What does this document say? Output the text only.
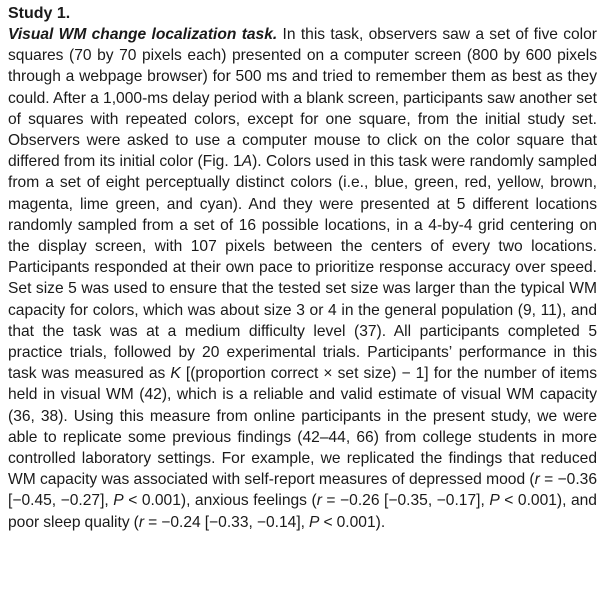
Study 1.

Visual WM change localization task. In this task, observers saw a set of five color squares (70 by 70 pixels each) presented on a computer screen (800 by 600 pixels through a webpage browser) for 500 ms and tried to remember them as best as they could. After a 1,000-ms delay period with a blank screen, participants saw another set of squares with repeated colors, except for one square, from the initial study set. Observers were asked to use a computer mouse to click on the color square that differed from its initial color (Fig. 1A). Colors used in this task were randomly sampled from a set of eight perceptually distinct colors (i.e., blue, green, red, yellow, brown, magenta, lime green, and cyan). And they were presented at 5 different locations randomly sampled from a set of 16 possible locations, in a 4-by-4 grid centering on the display screen, with 107 pixels between the centers of every two locations. Participants responded at their own pace to prioritize response accuracy over speed. Set size 5 was used to ensure that the tested set size was larger than the typical WM capacity for colors, which was about size 3 or 4 in the general population (9, 11), and that the task was at a medium difficulty level (37). All participants completed 5 practice trials, followed by 20 experimental trials. Participants’ performance in this task was measured as K [(proportion correct × set size) − 1] for the number of items held in visual WM (42), which is a reliable and valid estimate of visual WM capacity (36, 38). Using this measure from online participants in the present study, we were able to replicate some previous findings (42–44, 66) from college students in more controlled laboratory settings. For example, we replicated the findings that reduced WM capacity was associated with self-report measures of depressed mood (r = −0.36 [−0.45, −0.27], P < 0.001), anxious feelings (r = −0.26 [−0.35, −0.17], P < 0.001), and poor sleep quality (r = −0.24 [−0.33, −0.14], P < 0.001).
